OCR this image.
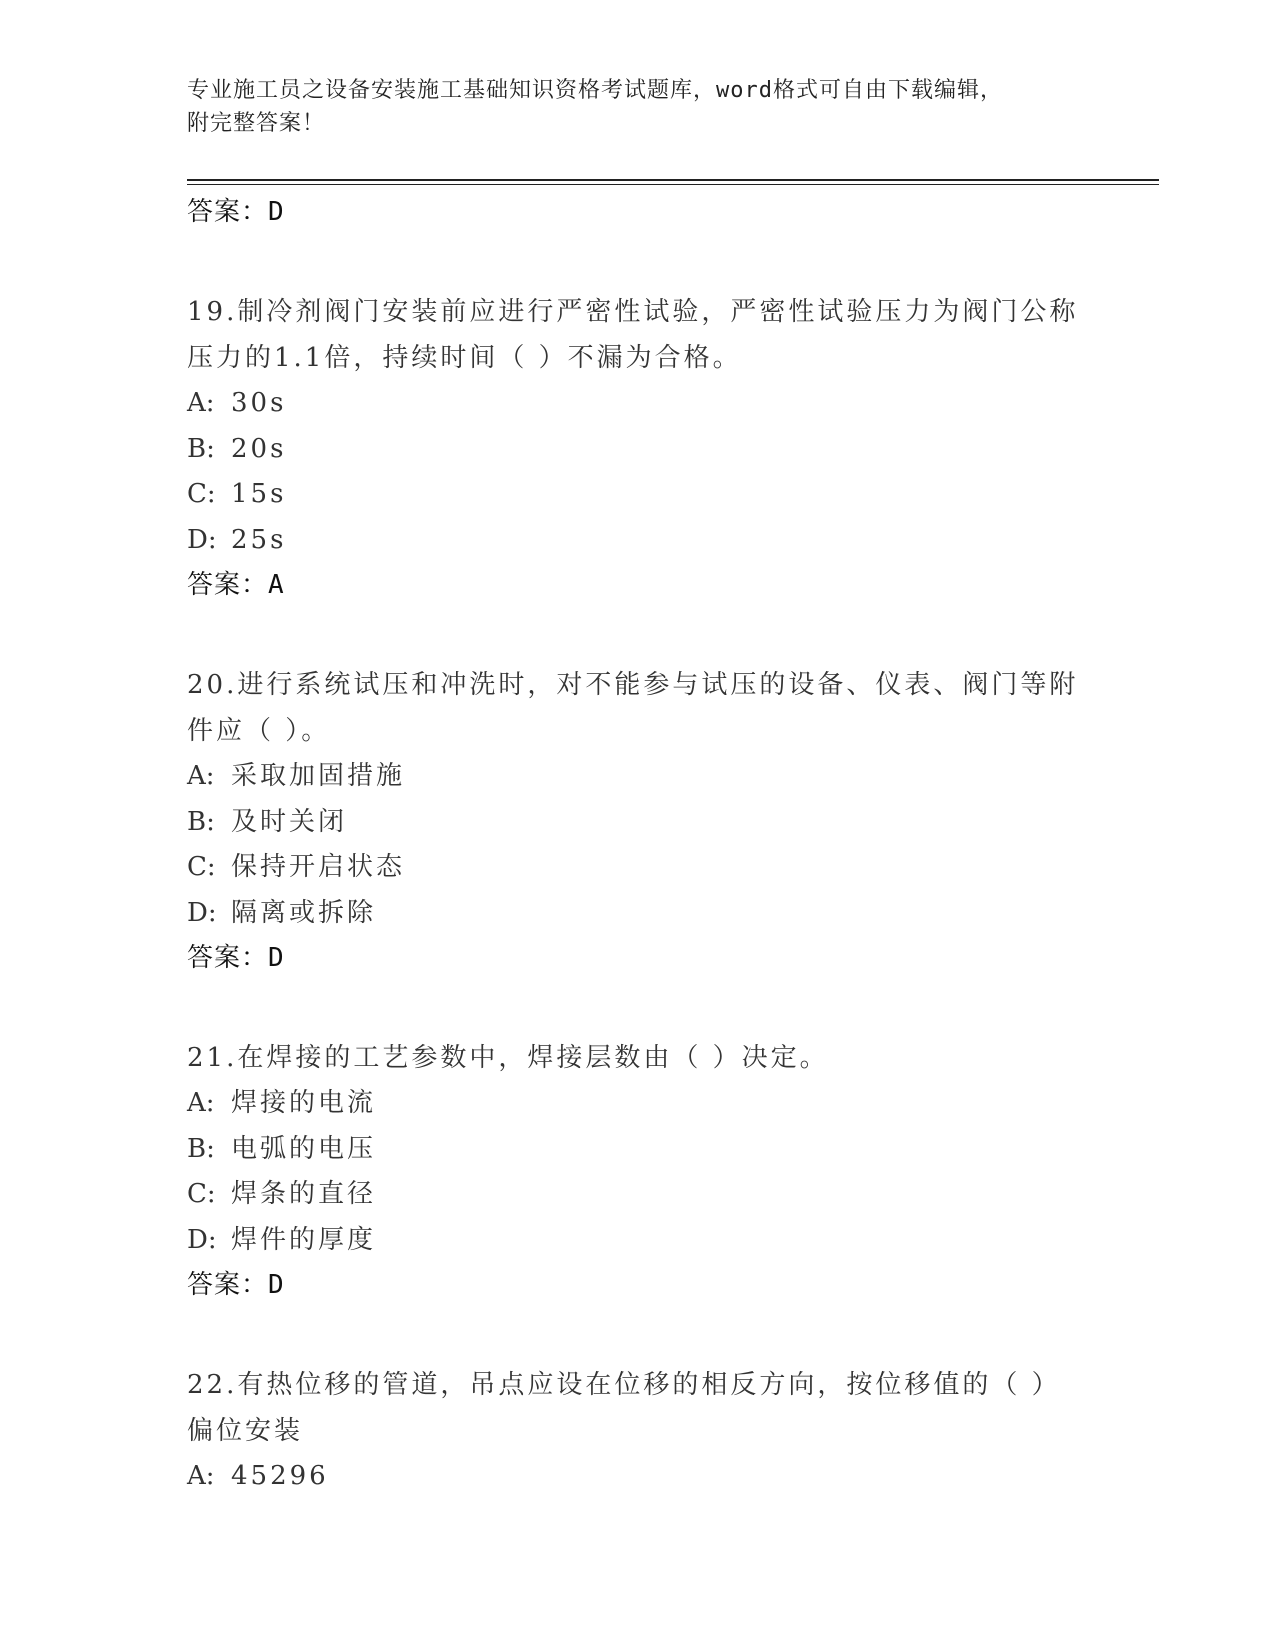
专业施工员之设备安装施工基础知识资格考试题库，word格式可自由下载编辑，
附完整答案！
答案：D
19.制冷剂阀门安装前应进行严密性试验，严密性试验压力为阀门公称
压力的1.1倍，持续时间（ ）不漏为合格。
A: 30s
B: 20s
C: 15s
D: 25s
答案：A
20.进行系统试压和冲洗时，对不能参与试压的设备、仪表、阀门等附
件应（ ）。
A: 采取加固措施
B: 及时关闭
C: 保持开启状态
D: 隔离或拆除
答案：D
21.在焊接的工艺参数中，焊接层数由（ ）决定。
A: 焊接的电流
B: 电弧的电压
C: 焊条的直径
D: 焊件的厚度
答案：D
22.有热位移的管道，吊点应设在位移的相反方向，按位移值的（ ）
偏位安装
A: 45296
